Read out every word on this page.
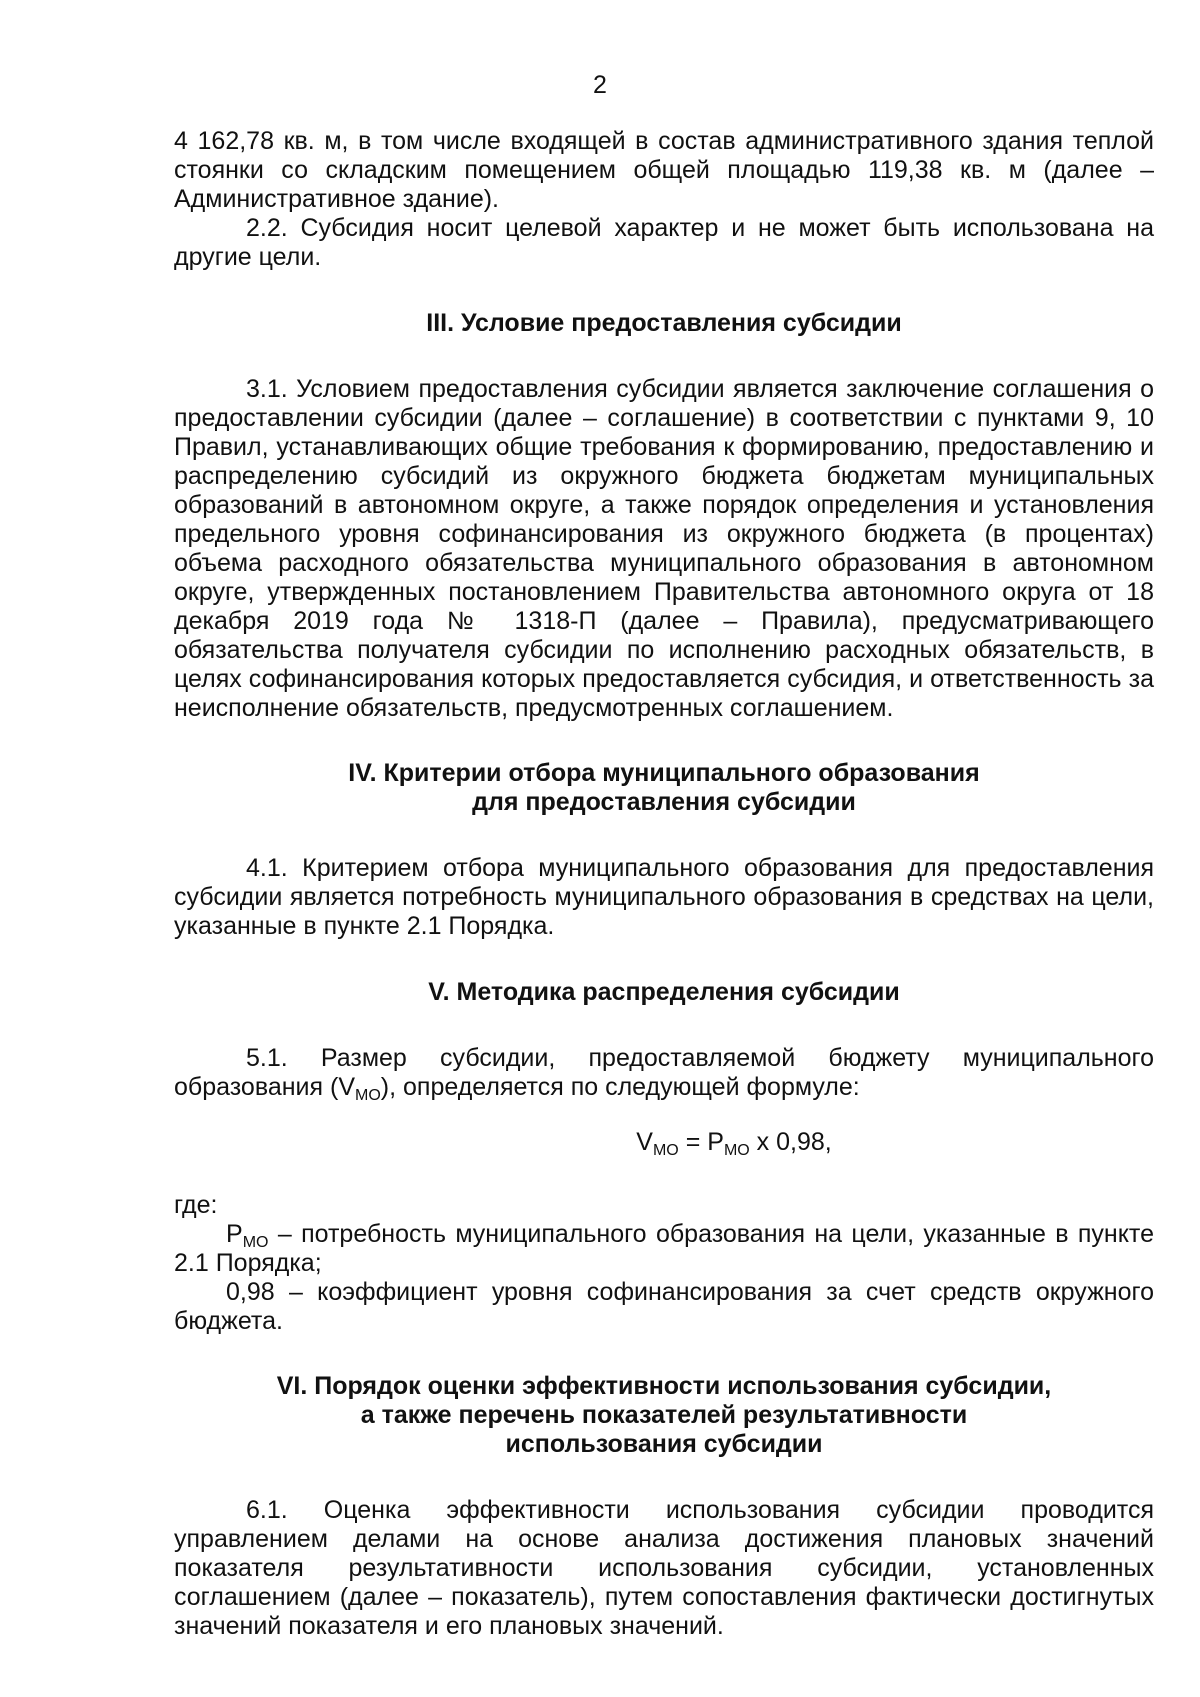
2

4 162,78 кв. м, в том числе входящей в состав административного здания теплой стоянки со складским помещением общей площадью 119,38 кв. м (далее – Административное здание).

2.2. Субсидия носит целевой характер и не может быть использована на другие цели.

III. Условие предоставления субсидии

3.1. Условием предоставления субсидии является заключение соглашения о предоставлении субсидии (далее – соглашение) в соответствии с пунктами 9, 10 Правил, устанавливающих общие требования к формированию, предоставлению и распределению субсидий из окружного бюджета бюджетам муниципальных образований в автономном округе, а также порядок определения и установления предельного уровня софинансирования из окружного бюджета (в процентах) объема расходного обязательства муниципального образования в автономном округе, утвержденных постановлением Правительства автономного округа от 18 декабря 2019 года № 1318-П (далее – Правила), предусматривающего обязательства получателя субсидии по исполнению расходных обязательств, в целях софинансирования которых предоставляется субсидия, и ответственность за неисполнение обязательств, предусмотренных соглашением.

IV. Критерии отбора муниципального образования
для предоставления субсидии

4.1. Критерием отбора муниципального образования для предоставления субсидии является потребность муниципального образования в средствах на цели, указанные в пункте 2.1 Порядка.

V. Методика распределения субсидии

5.1. Размер субсидии, предоставляемой бюджету муниципального образования $(V_{МО})$, определяется по следующей формуле:

$V_{МО} = P_{МО}$ х 0,98,

где:

$P_{МО}$ – потребность муниципального образования на цели, указанные в пункте 2.1 Порядка;

0,98 – коэффициент уровня софинансирования за счет средств окружного бюджета.

VI. Порядок оценки эффективности использования субсидии,
а также перечень показателей результативности
использования субсидии

6.1. Оценка эффективности использования субсидии проводится управлением делами на основе анализа достижения плановых значений показателя результативности использования субсидии, установленных соглашением (далее – показатель), путем сопоставления фактически достигнутых значений показателя и его плановых значений.
